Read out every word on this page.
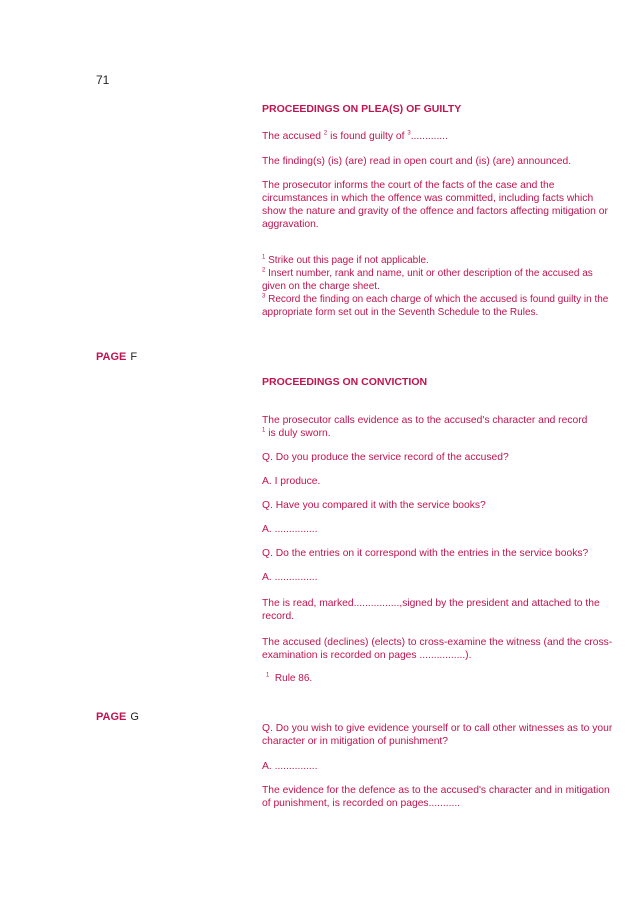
71
PROCEEDINGS ON PLEA(S) OF GUILTY
The accused $^2$ is found guilty of $^3$.............
The finding(s) (is) (are) read in open court and (is) (are) announced.
The prosecutor informs the court of the facts of the case and the circumstances in which the offence was committed, including facts which show the nature and gravity of the offence and factors affecting mitigation or aggravation.
$^1$ Strike out this page if not applicable.
$^2$ Insert number, rank and name, unit or other description of the accused as given on the charge sheet.
$^3$ Record the finding on each charge of which the accused is found guilty in the appropriate form set out in the Seventh Schedule to the Rules.
PAGE F
PROCEEDINGS ON CONVICTION
The prosecutor calls evidence as to the accused's character and record
$^1$ is duly sworn.
Q. Do you produce the service record of the accused?
A. I produce.
Q. Have you compared it with the service books?
A. ...............
Q. Do the entries on it correspond with the entries in the service books?
A. ...............
The is read, marked................,signed by the president and attached to the record.
The accused (declines) (elects) to cross-examine the witness (and the cross- examination is recorded on pages ................).
$^1$ Rule 86.
PAGE G
Q. Do you wish to give evidence yourself or to call other witnesses as to your character or in mitigation of punishment?
A. ...............
The evidence for the defence as to the accused's character and in mitigation of punishment, is recorded on pages...........
